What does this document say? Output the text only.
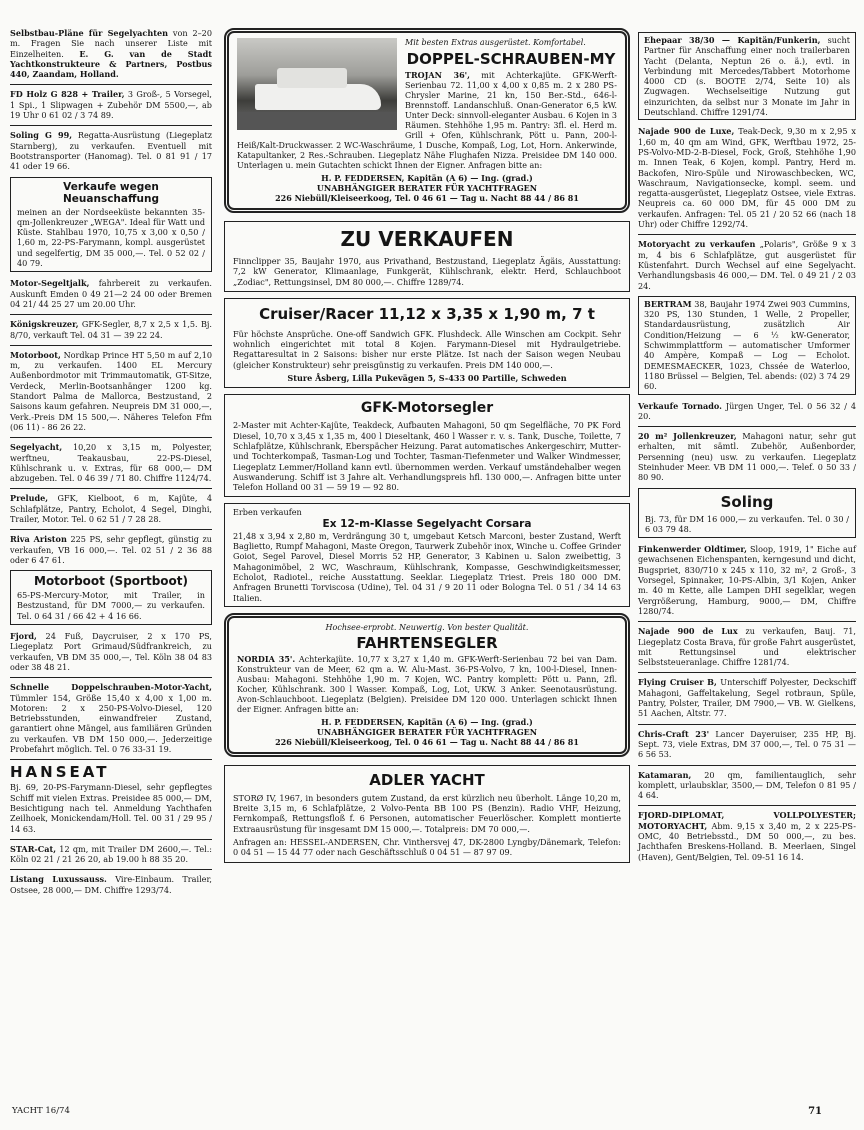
Selbstbau-Pläne für Segelyachten von 2–20 m. Fragen Sie nach unserer Liste mit Einzelheiten. E. G. van de Stadt Yachtkonstrukteure & Partners, Postbus 440, Zaandam, Holland.
FD Holz G 828 + Trailer, 3 Groß-, 5 Vorsegel, 1 Spi., 1 Slipwagen + Zubehör DM 5500,—, ab 19 Uhr 0 61 02 / 3 74 89.
Soling G 99, Regatta-Ausrüstung (Liegeplatz Starnberg), zu verkaufen. Eventuell mit Bootstransporter (Hanomag). Tel. 0 81 91 / 17 41 oder 19 66.
Verkaufe wegen Neuanschaffung
meinen an der Nordseeküste bekannten 35-qm-Jollenkreuzer „WEGA". Ideal für Watt und Küste. Stahlbau 1970, 10,75 x 3,00 x 0,50 / 1,60 m, 22-PS-Farymann, kompl. ausgerüstet und segelfertig, DM 35 000,—. Tel. 0 52 02 / 40 79.
Motor-Segeltjalk, fahrbereit zu verkaufen. Auskunft Emden 0 49 21—2 24 00 oder Bremen 04 21/ 44 25 27 um 20.00 Uhr.
Königskreuzer, GFK-Segler, 8,7 x 2,5 x 1,5. Bj. 8/70, verkauft Tel. 04 31 — 39 22 24.
Motorboot, Nordkap Prince HT 5,50 m auf 2,10 m, zu verkaufen. 1400 EL Mercury Außenbordmotor mit Trimmautomatik, GT-Sitze, Verdeck, Merlin-Bootsanhänger 1200 kg. Standort Palma de Mallorca, Bestzustand, 2 Saisons kaum gefahren. Neupreis DM 31 000,—, Verk.-Preis DM 15 500,—. Näheres Telefon Ffm (06 11) - 86 26 22.
Segelyacht, 10,20 x 3,15 m, Polyester, werftneu, Teakausbau, 22-PS-Diesel, Kühlschrank u. v. Extras, für 68 000,— DM abzugeben. Tel. 0 46 39 / 71 80. Chiffre 1124/74.
Prelude, GFK, Kielboot, 6 m, Kajüte, 4 Schlafplätze, Pantry, Echolot, 4 Segel, Dinghi, Trailer, Motor. Tel. 0 62 51 / 7 28 28.
Riva Ariston 225 PS, sehr gepflegt, günstig zu verkaufen, VB 16 000,—. Tel. 02 51 / 2 36 88 oder 6 47 61.
Motorboot (Sportboot)
65-PS-Mercury-Motor, mit Trailer, in Bestzustand, für DM 7000,— zu verkaufen. Tel. 0 64 31 / 66 42 + 4 16 66.
Fjord, 24 Fuß, Daycruiser, 2 x 170 PS, Liegeplatz Port Grimaud/Südfrankreich, zu verkaufen, VB DM 35 000,—, Tel. Köln 38 04 83 oder 38 48 21.
Schnelle Doppelschrauben-Motor-Yacht, Tümmler 154, Größe 15,40 x 4,00 x 1,00 m. Motoren: 2 x 250-PS-Volvo-Diesel, 120 Betriebsstunden, einwandfreier Zustand, garantiert ohne Mängel, aus familiären Gründen zu verkaufen. VB DM 150 000,—. Jederzeitige Probefahrt möglich. Tel. 0 76 33-31 19.
HANSEAT
Bj. 69, 20-PS-Farymann-Diesel, sehr gepflegtes Schiff mit vielen Extras. Preisidee 85 000,— DM, Besichtigung nach tel. Anmeldung Yachthafen Zeilhoek, Monickendam/Holl. Tel. 00 31 / 29 95 / 14 63.
STAR-Cat, 12 qm, mit Trailer DM 2600,—. Tel.: Köln 02 21 / 21 26 20, ab 19.00 h 88 35 20.
Listang Luxussauss. Vire-Einbaum. Trailer, Ostsee, 28 000,— DM. Chiffre 1293/74.
Mit besten Extras ausgerüstet. Komfortabel.
DOPPEL-SCHRAUBEN-MY
TROJAN 36', mit Achterkajüte. GFK-Werft-Serienbau 72. 11,00 x 4,00 x 0,85 m. 2 x 280 PS-Chrysler Marine, 21 kn, 150 Ber.-Std., 646-l-Brennstoff. Landanschluß. Onan-Generator 6,5 kW. Unter Deck: sinnvoll-eleganter Ausbau. 6 Kojen in 3 Räumen. Stehhöhe 1,95 m. Pantry: 3fl. el. Herd m. Grill + Ofen, Kühlschrank, Pött u. Pann, 200-l-Heiß/Kalt-Druckwasser. 2 WC-Waschräume, 1 Dusche, Kompaß, Log, Lot, Horn. Ankerwinde, Katapultanker, 2 Res.-Schrauben. Liegeplatz Nähe Flughafen Nizza. Preisidee DM 140 000. Unterlagen u. mein Gutachten schickt Ihnen der Eigner. Anfragen bitte an:
H. P. FEDDERSEN, Kapitän (A 6) — Ing. (grad.)
UNABHÄNGIGER BERATER FÜR YACHTFRAGEN
226 Niebüll/Kleiseerkoog, Tel. 0 46 61 — Tag u. Nacht 88 44 / 86 81
ZU VERKAUFEN
Finnclipper 35, Baujahr 1970, aus Privathand, Bestzustand, Liegeplatz Ägäis, Ausstattung: 7,2 kW Generator, Klimaanlage, Funkgerät, Kühlschrank, elektr. Herd, Schlauchboot „Zodiac", Rettungsinsel, DM 80 000,—. Chiffre 1289/74.
Cruiser/Racer 11,12 x 3,35 x 1,90 m, 7 t
Für höchste Ansprüche. One-off Sandwich GFK. Flushdeck. Alle Winschen am Cockpit. Sehr wohnlich eingerichtet mit total 8 Kojen. Farymann-Diesel mit Hydraulgetriebe. Regattaresultat in 2 Saisons: bisher nur erste Plätze. Ist nach der Saison wegen Neubau (gleicher Konstrukteur) sehr preisgünstig zu verkaufen. Preis DM 140 000,—.
Sture Åsberg, Lilla Pukevägen 5, S-433 00 Partille, Schweden
GFK-Motorsegler
2-Master mit Achter-Kajüte, Teakdeck, Aufbauten Mahagoni, 50 qm Segelfläche, 70 PK Ford Diesel, 10,70 x 3,45 x 1,35 m, 400 l Dieseltank, 460 l Wasser r. v. s. Tank, Dusche, Toilette, 7 Schlafplätze, Kühlschrank, Eberspächer Heizung. Parat automatisches Ankergeschirr, Mutter- und Tochterkompaß, Tasman-Log und Tochter, Tasman-Tiefenmeter und Walker Windmesser, Liegeplatz Lemmer/Holland kann evtl. übernommen werden. Verkauf umständehalber wegen Auswanderung. Schiff ist 3 Jahre alt. Verhandlungspreis hfl. 130 000,—. Anfragen bitte unter Telefon Holland 00 31 — 59 19 — 92 80.
Erben verkaufen
Ex 12-m-Klasse Segelyacht Corsara
21,48 x 3,94 x 2,80 m, Verdrängung 30 t, umgebaut Ketsch Marconi, bester Zustand, Werft Baglietto, Rumpf Mahagoni, Maste Oregon, Taurwerk Zubehör inox, Winche u. Coffee Grinder Goiot, Segel Parovel, Diesel Morris 52 HP, Generator, 3 Kabinen u. Salon zweibettig, 3 Mahagonimöbel, 2 WC, Waschraum, Kühlschrank, Kompasse, Geschwindigkeitsmesser, Echolot, Radiotel., reiche Ausstattung. Seeklar. Liegeplatz Triest. Preis 180 000 DM. Anfragen Brunetti Torviscosa (Udine), Tel. 04 31 / 9 20 11 oder Bologna Tel. 0 51 / 34 14 63 Italien.
Hochsee-erprobt. Neuwertig. Von bester Qualität.
FAHRTENSEGLER
NORDIA 35'. Achterkajüte. 10,77 x 3,27 x 1,40 m. GFK-Werft-Serienbau 72 bei van Dam. Konstrukteur van de Meer, 62 qm a. W. Alu-Mast. 36-PS-Volvo, 7 kn, 100-l-Diesel, Innen-Ausbau: Mahagoni. Stehhöhe 1,90 m. 7 Kojen, WC. Pantry komplett: Pött u. Pann, 2fl. Kocher, Kühlschrank. 300 l Wasser. Kompaß, Log, Lot, UKW. 3 Anker. Seenotausrüstung. Avon-Schlauchboot. Liegeplatz (Belgien). Preisidee DM 120 000. Unterlagen schickt Ihnen der Eigner. Anfragen bitte an:
H. P. FEDDERSEN, Kapitän (A 6) — Ing. (grad.)
UNABHÄNGIGER BERATER FÜR YACHTFRAGEN
226 Niebüll/Kleiseerkoog, Tel. 0 46 61 — Tag u. Nacht 88 44 / 86 81
ADLER YACHT
STORØ IV, 1967, in besonders gutem Zustand, da erst kürzlich neu überholt. Länge 10,20 m, Breite 3,15 m, 6 Schlafplätze, 2 Volvo-Penta BB 100 PS (Benzin). Radio VHF, Heizung, Fernkompaß, Rettungsfloß f. 6 Personen, automatischer Feuerlöscher. Komplett montierte Extraausrüstung für insgesamt DM 15 000,—. Totalpreis: DM 70 000,—.
Anfragen an: HESSEL-ANDERSEN, Chr. Vinthersvej 47, DK-2800 Lyngby/Dänemark, Telefon: 0 04 51 — 15 44 77 oder nach Geschäftsschluß 0 04 51 — 87 97 09.
Ehepaar 38/30 — Kapitän/Funkerin, sucht Partner für Anschaffung einer noch trailerbaren Yacht (Delanta, Neptun 26 o. ä.), evtl. in Verbindung mit Mercedes/Tabbert Motorhome 4000 CD (s. BOOTE 2/74, Seite 10) als Zugwagen. Wechselseitige Nutzung gut einzurichten, da selbst nur 3 Monate im Jahr in Deutschland. Chiffre 1291/74.
Najade 900 de Luxe, Teak-Deck, 9,30 m x 2,95 x 1,60 m, 40 qm am Wind, GFK, Werftbau 1972, 25-PS-Volvo-MD-2-B-Diesel, Fock, Groß, Stehhöhe 1,90 m. Innen Teak, 6 Kojen, kompl. Pantry, Herd m. Backofen, Niro-Spüle und Nirowaschbecken, WC, Waschraum, Navigationsecke, kompl. seem. und regatta-ausgerüstet, Liegeplatz Ostsee, viele Extras. Neupreis ca. 60 000 DM, für 45 000 DM zu verkaufen. Anfragen: Tel. 05 21 / 20 52 66 (nach 18 Uhr) oder Chiffre 1292/74.
Motoryacht zu verkaufen „Polaris", Größe 9 x 3 m, 4 bis 6 Schlafplätze, gut ausgerüstet für Küstenfahrt. Durch Wechsel auf eine Segelyacht. Verhandlungsbasis 46 000,— DM. Tel. 0 49 21 / 2 03 24.
BERTRAM 38, Baujahr 1974 Zwei 903 Cummins, 320 PS, 130 Stunden, 1 Welle, 2 Propeller, Standardausrüstung, zusätzlich Air Condition/Heizung — 6 ½ kW-Generator, Schwimmplattform — automatischer Umformer 40 Ampère, Kompaß — Log — Echolot. DEMESMAECKER, 1023, Chssée de Waterloo, 1180 Brüssel — Belgien, Tel. abends: (02) 3 74 29 60.
Verkaufe Tornado. Jürgen Unger, Tel. 0 56 32 / 4 20.
20 m² Jollenkreuzer, Mahagoni natur, sehr gut erhalten, mit sämtl. Zubehör, Außenborder, Persenning (neu) usw. zu verkaufen. Liegeplatz Steinhuder Meer. VB DM 11 000,—. Telef. 0 50 33 / 80 90.
Soling
Bj. 73, für DM 16 000,— zu verkaufen. Tel. 0 30 / 6 03 79 48.
Finkenwerder Oldtimer, Sloop, 1919, 1" Eiche auf gewachsenen Eichenspanten, kerngesund und dicht, Bugspriet, 830/710 x 245 x 110, 32 m², 2 Groß-, 3 Vorsegel, Spinnaker, 10-PS-Albin, 3/1 Kojen, Anker m. 40 m Kette, alle Lampen DHI segelklar, wegen Vergrößerung, Hamburg, 9000,— DM, Chiffre 1280/74.
Najade 900 de Lux zu verkaufen, Bauj. 71, Liegeplatz Costa Brava, für große Fahrt ausgerüstet, mit Rettungsinsel und elektrischer Selbststeueranlage. Chiffre 1281/74.
Flying Cruiser B, Unterschiff Polyester, Deckschiff Mahagoni, Gaffeltakelung, Segel rotbraun, Spüle, Pantry, Polster, Trailer, DM 7900,— VB. W. Gielkens, 51 Aachen, Altstr. 77.
Chris-Craft 23' Lancer Dayeruiser, 235 HP, Bj. Sept. 73, viele Extras, DM 37 000,—, Tel. 0 75 31 — 6 56 53.
Katamaran, 20 qm, familientauglich, sehr komplett, urlaubsklar, 3500,— DM, Telefon 0 81 95 / 4 64.
FJORD-DIPLOMAT, VOLLPOLYESTER; MOTORYACHT, Abm. 9,15 x 3,40 m, 2 x 225-PS-OMC, 40 Betriebsstd., DM 50 000,—, zu bes. Jachthafen Breskens-Holland. B. Meerlaen, Singel (Haven), Gent/Belgien, Tel. 09-51 16 14.
YACHT 16/74	71
